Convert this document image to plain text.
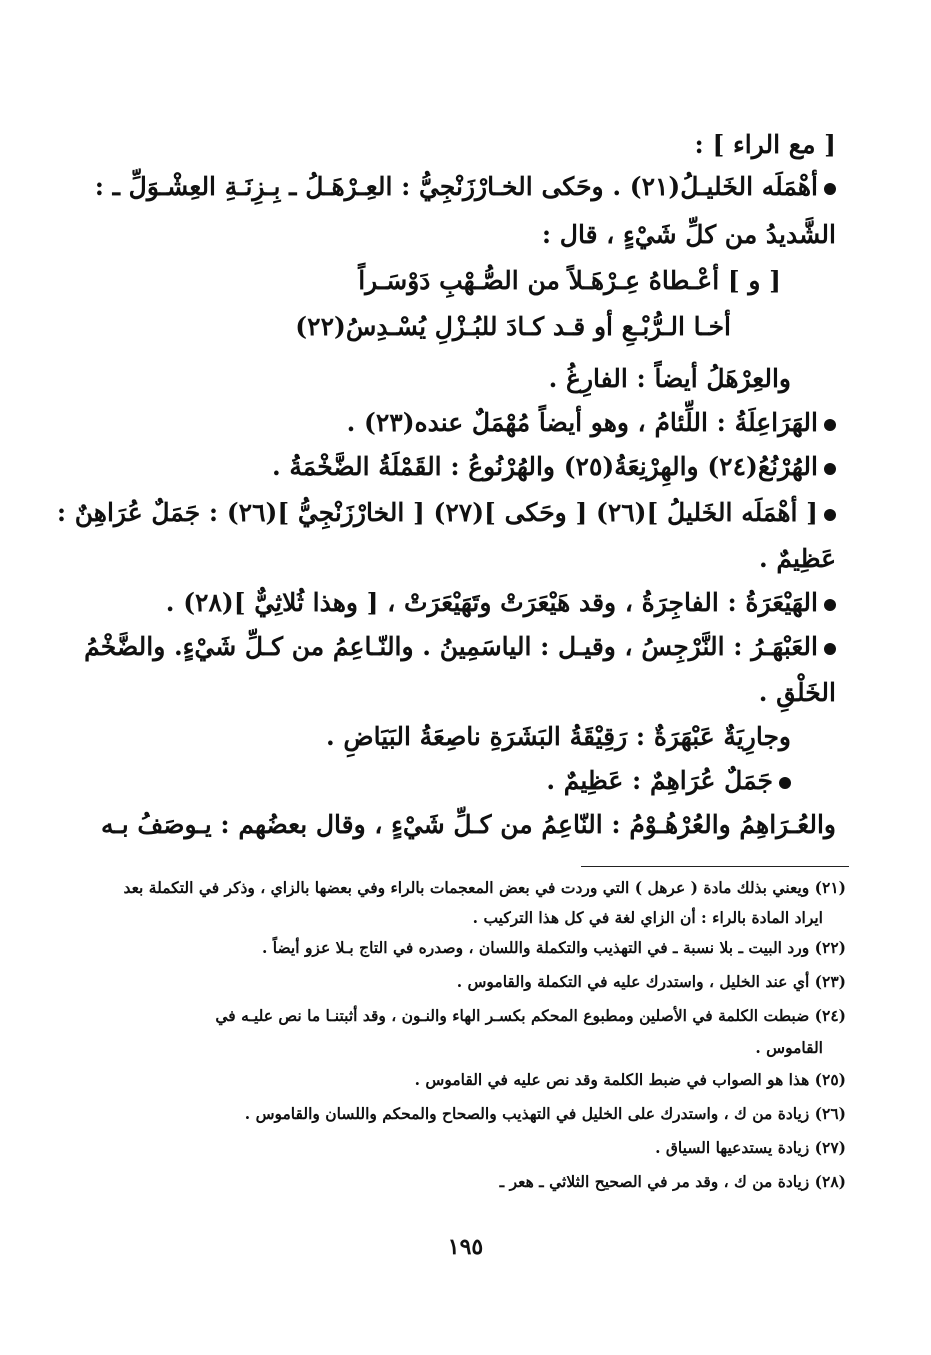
[ مع الراء ] :
أهْمَلَه الخَليـلُ(٢١) . وحَكى الخـارْزَنْجِيُّ : العِـرْهَـلُ ـ بِـزِنَـةِ العِشْـوَلِّ ـ :
الشَّديدُ من كلِّ شَيْءٍ ، قال :
[ و ] أعْـطاهُ عِـرْهَـلاً من الصُّـهْبِ دَوْسَـراً
أخـا الـرُّبْـعِ أو قـد كـادَ للبُـزْلِ يُسْـدِسُ(٢٢)
والعِرْهَلُ أيضاً : الفارِغُ .
الهَرَاعِلَةُ : اللِّئامُ ، وهو أيضاً مُهْمَلٌ عنده(٢٣) .
الهُرْنُعُ(٢٤) والهِرْنِعَةُ(٢٥) والهُرْنُوعُ : القَمْلَةُ الضَّخْمَةُ .
[ أهْمَلَه الخَليلُ ](٢٦) [ وحَكى ](٢٧) [ الخارْزَنْجِيُّ ](٢٦) : جَمَلٌ عُرَاهِنٌ :
عَظِيمٌ .
الهَيْعَرَةُ : الفاجِرَةُ ، وقد هَيْعَرَتْ وتَهَيْعَرَتْ ، [ وهذا ثُلاثِيٌّ ](٢٨) .
العَبْهَـرُ : النَّرْجِسُ ، وقيـل : الياسَمِينُ . والنّـاعِمُ من كـلِّ شَيْءٍ. والضَّخْمُ
الخَلْقِ .
وجارِيَةٌ عَبْهَرَةٌ : رَقِيْقَةُ البَشَرَةِ ناصِعَةُ البَيَاضِ .
جَمَلٌ عُرَاهِمٌ : عَظِيمٌ .
والعُـرَاهِمُ والعُرْهُـوْمُ : النّاعِمُ من كـلِّ شَيْءٍ ، وقال بعضُهم : يـوصَفُ بـه
(٢١) ويعني بذلك مادة ( عرهل ) التي وردت في بعض المعجمات بالراء وفي بعضها بالزاي ، وذكر في التكملة بعد
ايراد المادة بالراء : أن الزاي لغة في كل هذا التركيب .
(٢٢) ورد البيت ـ بلا نسبة ـ في التهذيب والتكملة واللسان ، وصدره في التاج بـلا عزو أيضاً .
(٢٣) أي عند الخليل ، واستدرك عليه في التكملة والقاموس .
(٢٤) ضبطت الكلمة في الأصلين ومطبوع المحكم بكسـر الهاء والنـون ، وقد أثبتنـا ما نص عليـه في
القاموس .
(٢٥) هذا هو الصواب في ضبط الكلمة وقد نص عليه في القاموس .
(٢٦) زيادة من ك ، واستدرك على الخليل في التهذيب والصحاح والمحكم واللسان والقاموس .
(٢٧) زيادة يستدعيها السياق .
(٢٨) زيادة من ك ، وقد مر في الصحيح الثلاثي ـ هعر ـ
١٩٥
